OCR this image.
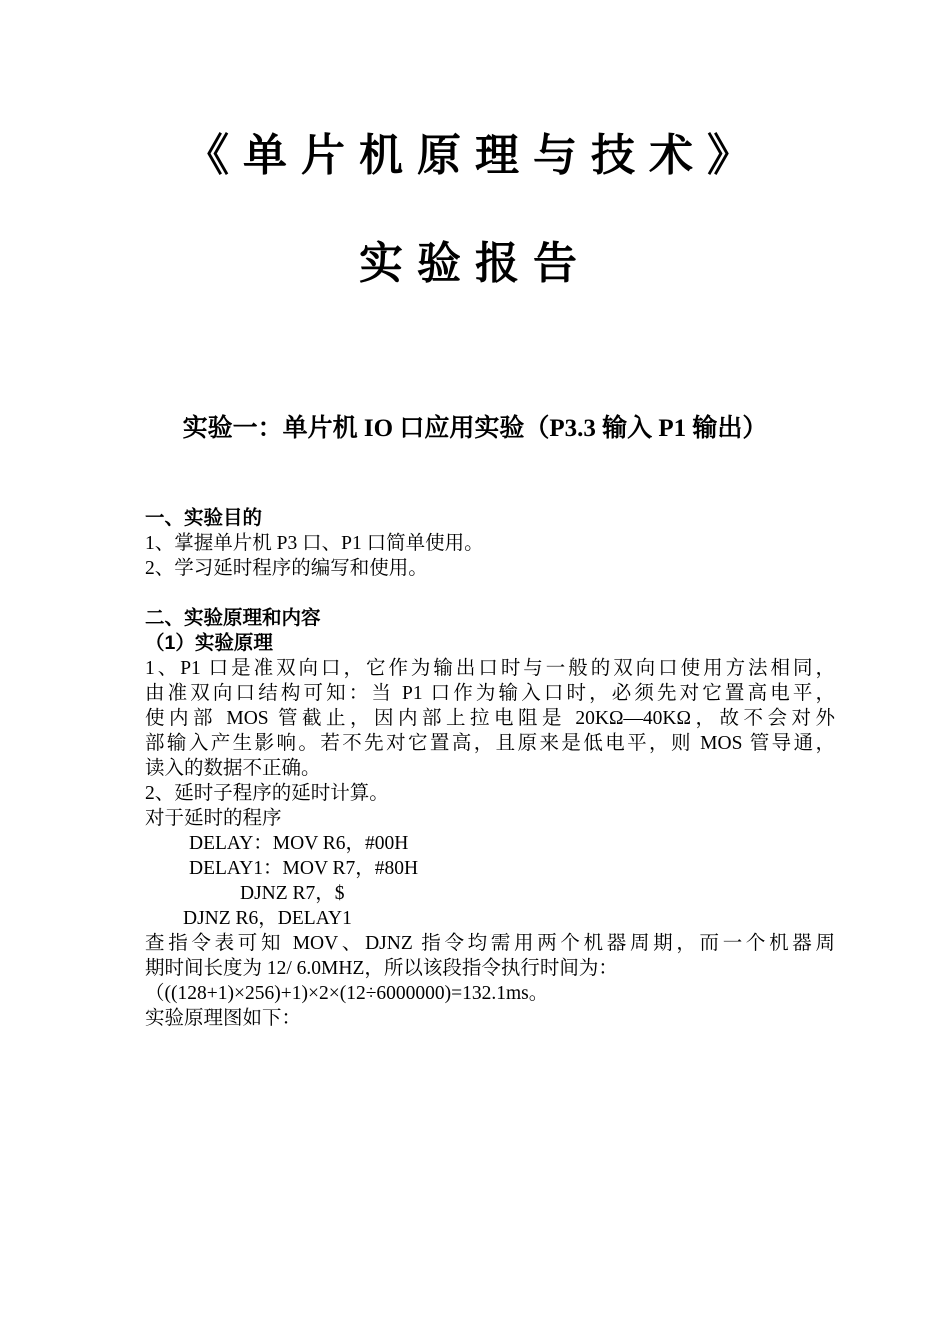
《单片机原理与技术》
实验报告
实验一：单片机 IO 口应用实验（P3.3 输入 P1 输出）
一、实验目的
1、掌握单片机 P3 口、P1 口简单使用。
2、学习延时程序的编写和使用。
二、实验原理和内容
（1）实验原理
1、P1 口是准双向口，它作为输出口时与一般的双向口使用方法相同，
由准双向口结构可知：当 P1 口作为输入口时，必须先对它置高电平，
使内部 MOS 管截止，因内部上拉电阻是 20KΩ—40KΩ，故不会对外
部输入产生影响。若不先对它置高，且原来是低电平，则 MOS 管导通，
读入的数据不正确。
2、延时子程序的延时计算。
对于延时的程序
DELAY：MOV R6，#00H
DELAY1：MOV R7，#80H
DJNZ R7，$
DJNZ R6，DELAY1
查指令表可知 MOV、DJNZ 指令均需用两个机器周期，而一个机器周
期时间长度为 12/ 6.0MHZ，所以该段指令执行时间为：
（((128+1)×256)+1)×2×(12÷6000000)=132.1ms。
实验原理图如下：
